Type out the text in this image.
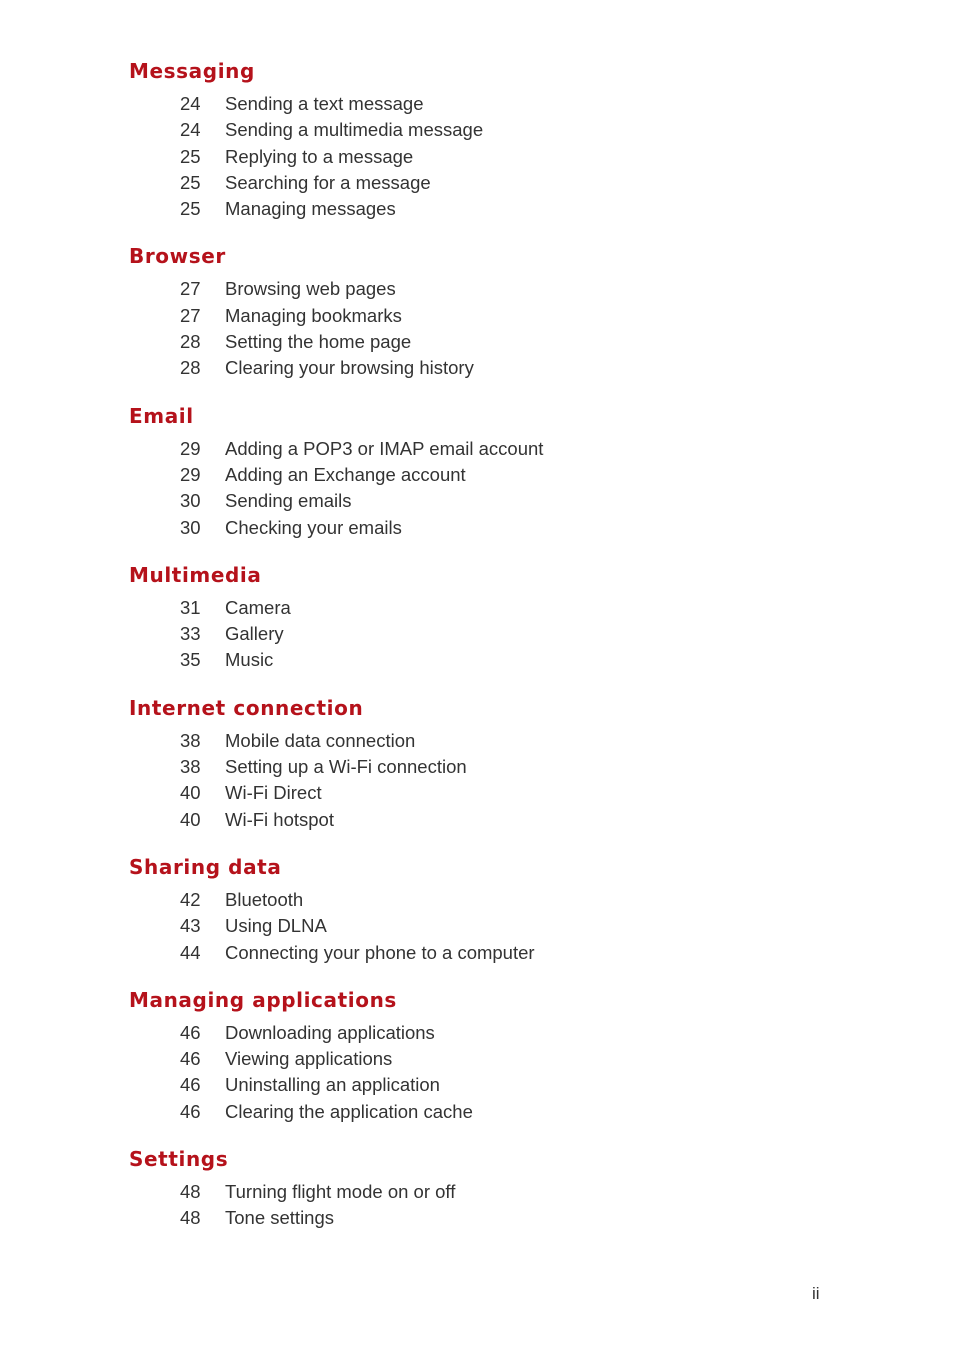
Messaging
24	Sending a text message
24	Sending a multimedia message
25	Replying to a message
25	Searching for a message
25	Managing messages
Browser
27	Browsing web pages
27	Managing bookmarks
28	Setting the home page
28	Clearing your browsing history
Email
29	Adding a POP3 or IMAP email account
29	Adding an Exchange account
30	Sending emails
30	Checking your emails
Multimedia
31	Camera
33	Gallery
35	Music
Internet connection
38	Mobile data connection
38	Setting up a Wi-Fi connection
40	Wi-Fi Direct
40	Wi-Fi hotspot
Sharing data
42	Bluetooth
43	Using DLNA
44	Connecting your phone to a computer
Managing applications
46	Downloading applications
46	Viewing applications
46	Uninstalling an application
46	Clearing the application cache
Settings
48	Turning flight mode on or off
48	Tone settings
ii
